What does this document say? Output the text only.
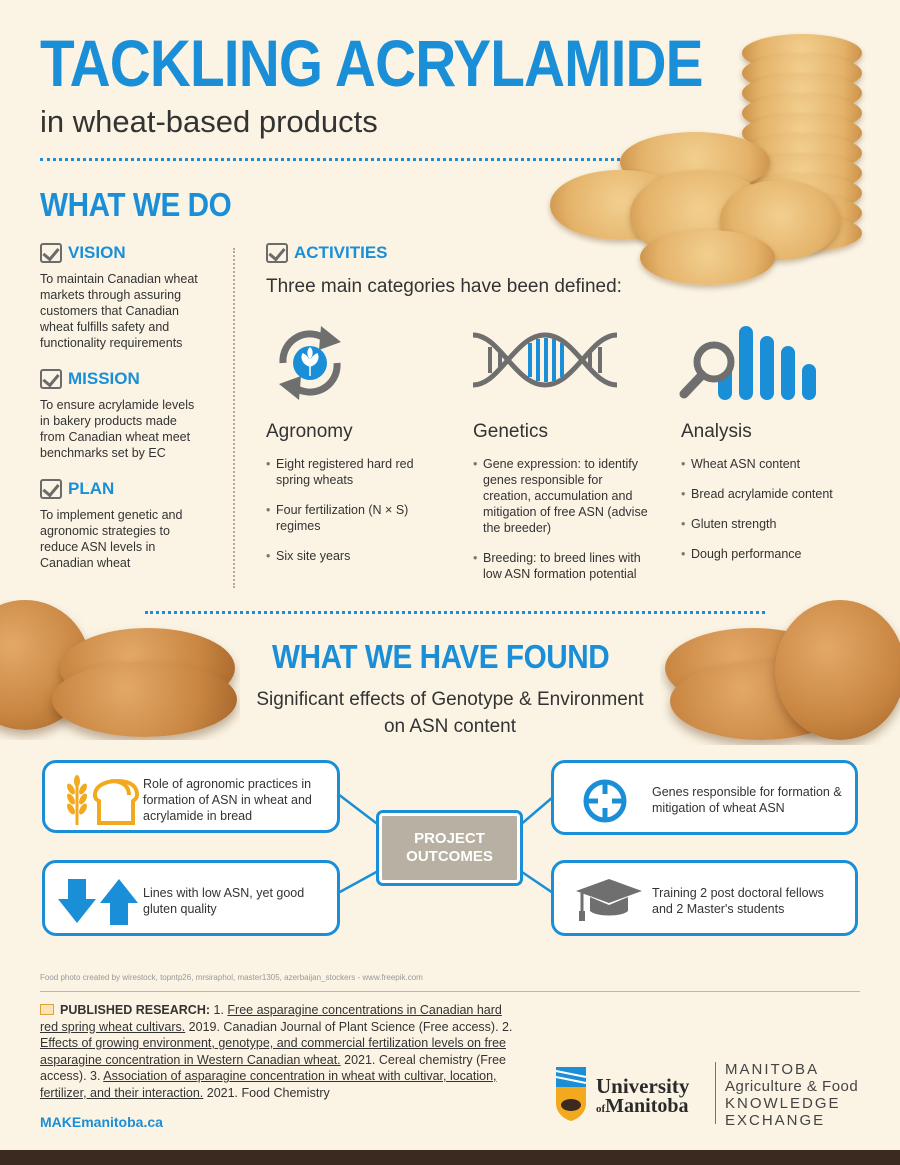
TACKLING ACRYLAMIDE
in wheat-based products
WHAT WE DO
VISION
To maintain Canadian wheat markets through assuring customers that Canadian wheat fulfills safety and functionality requirements
MISSION
To ensure acrylamide levels in bakery products made from Canadian wheat meet benchmarks set by EC
PLAN
To implement genetic and agronomic strategies to reduce ASN levels in Canadian wheat
ACTIVITIES
Three main categories have been defined:
Agronomy
• Eight registered hard red spring wheats
• Four fertilization (N × S) regimes
• Six site years
Genetics
• Gene expression: to identify genes responsible for creation, accumulation and mitigation of free ASN (advise the breeder)
• Breeding: to breed lines with low ASN formation potential
Analysis
• Wheat ASN content
• Bread acrylamide content
• Gluten strength
• Dough performance
WHAT WE HAVE FOUND
Significant effects of Genotype & Environment
on ASN content
Role of agronomic practices in formation of ASN in wheat and acrylamide in bread
Genes responsible for formation & mitigation of wheat ASN
Lines with low ASN, yet good gluten quality
Training 2 post doctoral fellows and 2 Master's students
PROJECT
OUTCOMES
Food photo created by wirestock, topntp26, mrsiraphol, master1305, azerbaijan_stockers - www.freepik.com
PUBLISHED RESEARCH: 1. Free asparagine concentrations in Canadian hard red spring wheat cultivars. 2019. Canadian Journal of Plant Science (Free access). 2. Effects of growing environment, genotype, and commercial fertilization levels on free asparagine concentration in Western Canadian wheat. 2021. Cereal chemistry (Free access). 3. Association of asparagine concentration in wheat with cultivar, location, fertilizer, and their interaction. 2021. Food Chemistry
MAKEmanitoba.ca
University
ofManitoba
MANITOBA
Agriculture & Food
KNOWLEDGE
EXCHANGE
